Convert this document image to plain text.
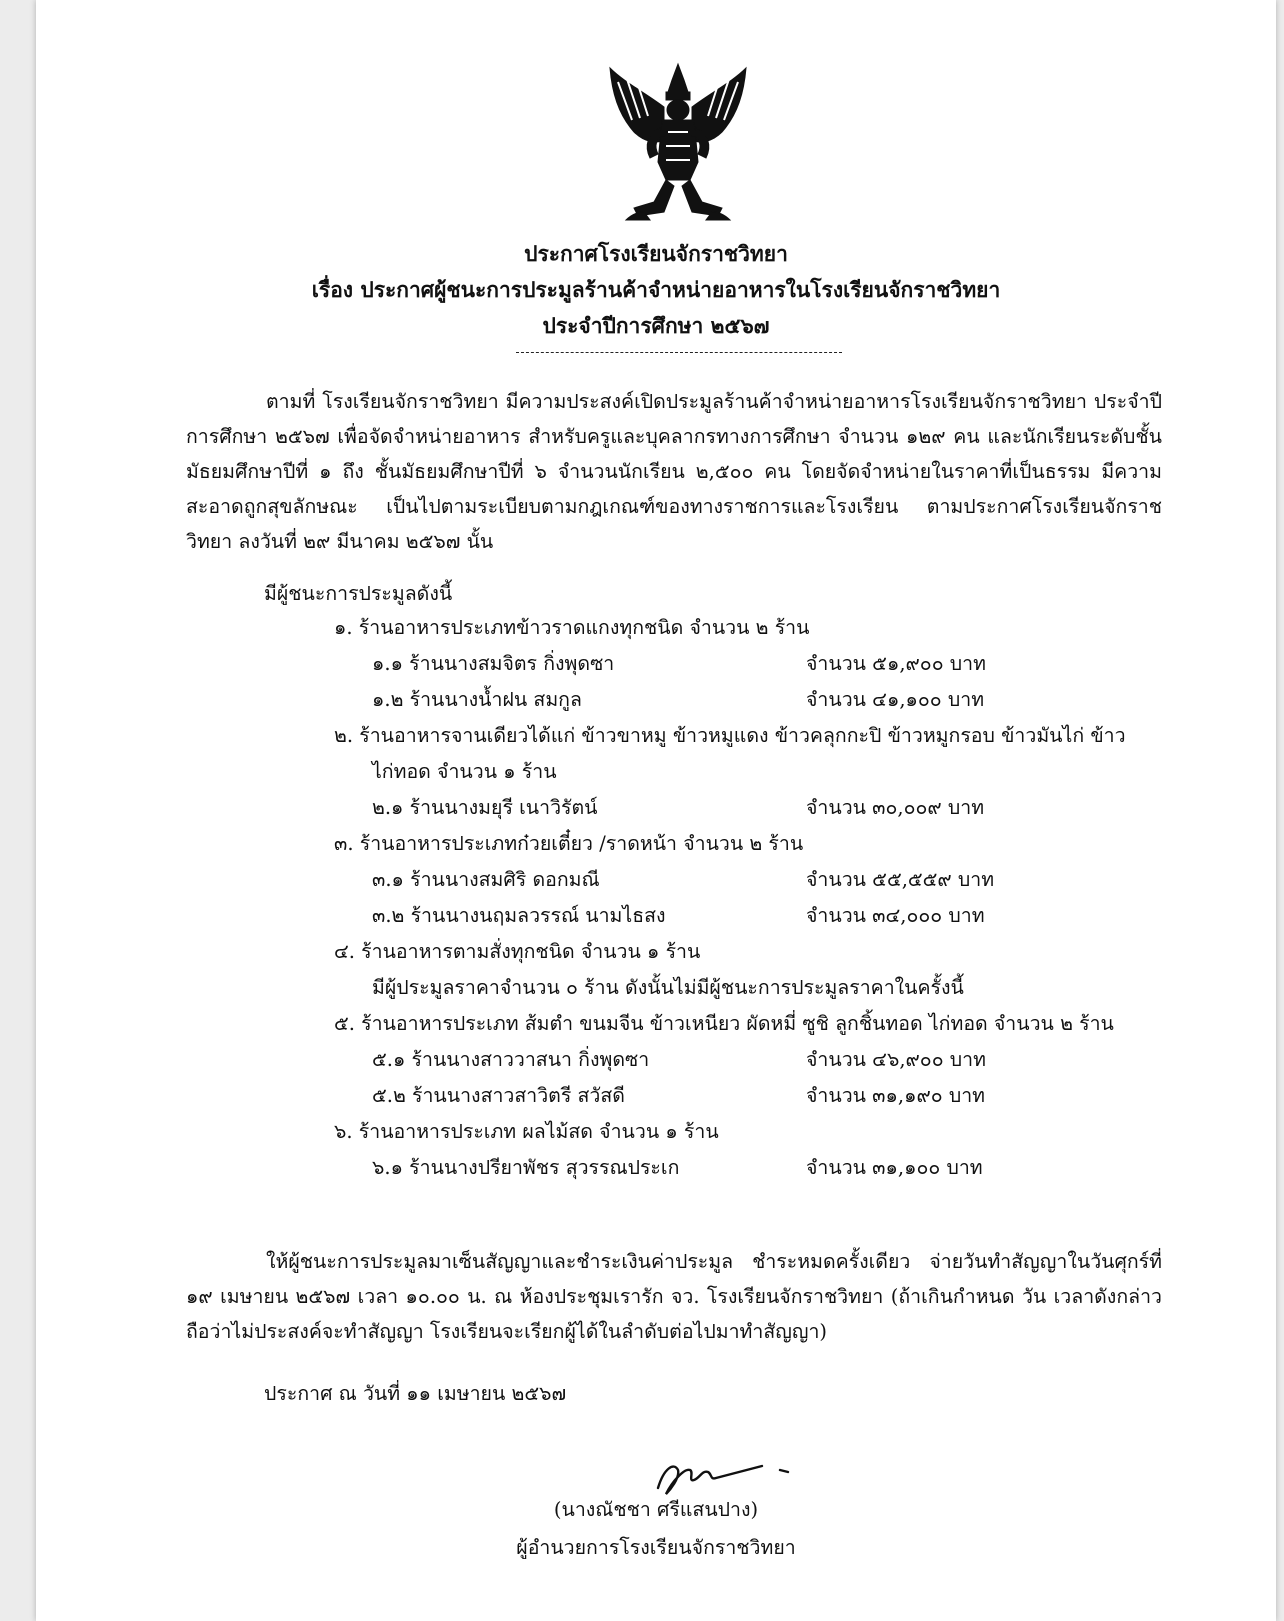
ประกาศโรงเรียนจักราชวิทยา
เรื่อง ประกาศผู้ชนะการประมูลร้านค้าจำหน่ายอาหารในโรงเรียนจักราชวิทยา
ประจำปีการศึกษา ๒๕๖๗
ตามที่ โรงเรียนจักราชวิทยา มีความประสงค์เปิดประมูลร้านค้าจำหน่ายอาหารโรงเรียนจักราชวิทยา ประจำปีการศึกษา ๒๕๖๗ เพื่อจัดจำหน่ายอาหาร สำหรับครูและบุคลากรทางการศึกษา จำนวน ๑๒๙ คน และนักเรียนระดับชั้นมัธยมศึกษาปีที่ ๑ ถึง ชั้นมัธยมศึกษาปีที่ ๖ จำนวนนักเรียน ๒,๕๐๐ คน โดยจัดจำหน่ายในราคาที่เป็นธรรม มีความสะอาดถูกสุขลักษณะ เป็นไปตามระเบียบตามกฎเกณฑ์ของทางราชการและโรงเรียน ตามประกาศโรงเรียนจักราชวิทยา ลงวันที่ ๒๙ มีนาคม ๒๕๖๗ นั้น
มีผู้ชนะการประมูลดังนี้
๑. ร้านอาหารประเภทข้าวราดแกงทุกชนิด จำนวน ๒ ร้าน
๑.๑ ร้านนางสมจิตร กิ่งพุดซา	จำนวน ๕๑,๙๐๐ บาท
๑.๒ ร้านนางน้ำฝน สมกูล	จำนวน ๔๑,๑๐๐ บาท
๒. ร้านอาหารจานเดียวได้แก่ ข้าวขาหมู ข้าวหมูแดง ข้าวคลุกกะปิ ข้าวหมูกรอบ ข้าวมันไก่ ข้าว
ไก่ทอด จำนวน ๑ ร้าน
๒.๑ ร้านนางมยุรี เนาวิรัตน์	จำนวน ๓๐,๐๐๙ บาท
๓. ร้านอาหารประเภทก๋วยเตี๋ยว /ราดหน้า จำนวน ๒ ร้าน
๓.๑ ร้านนางสมศิริ ดอกมณี	จำนวน ๕๕,๕๕๙ บาท
๓.๒ ร้านนางนฤมลวรรณ์ นามไธสง	จำนวน ๓๔,๐๐๐ บาท
๔. ร้านอาหารตามสั่งทุกชนิด จำนวน ๑ ร้าน
มีผู้ประมูลราคาจำนวน ๐ ร้าน ดังนั้นไม่มีผู้ชนะการประมูลราคาในครั้งนี้
๕. ร้านอาหารประเภท ส้มตำ ขนมจีน ข้าวเหนียว ผัดหมี่ ซูชิ ลูกชิ้นทอด ไก่ทอด จำนวน ๒ ร้าน
๕.๑ ร้านนางสาววาสนา กิ่งพุดซา	จำนวน ๔๖,๙๐๐ บาท
๕.๒ ร้านนางสาวสาวิตรี สวัสดี	จำนวน ๓๑,๑๙๐ บาท
๖. ร้านอาหารประเภท ผลไม้สด จำนวน ๑ ร้าน
๖.๑ ร้านนางปรียาพัชร สุวรรณประเก	จำนวน ๓๑,๑๐๐ บาท
ให้ผู้ชนะการประมูลมาเซ็นสัญญาและชำระเงินค่าประมูล ชำระหมดครั้งเดียว จ่ายวันทำสัญญาในวันศุกร์ที่ ๑๙ เมษายน ๒๕๖๗ เวลา ๑๐.๐๐ น. ณ ห้องประชุมเรารัก จว. โรงเรียนจักราชวิทยา (ถ้าเกินกำหนด วัน เวลาดังกล่าวถือว่าไม่ประสงค์จะทำสัญญา โรงเรียนจะเรียกผู้ได้ในลำดับต่อไปมาทำสัญญา)
ประกาศ ณ วันที่ ๑๑ เมษายน ๒๕๖๗
(นางณัชชา ศรีแสนปาง)
ผู้อำนวยการโรงเรียนจักราชวิทยา
